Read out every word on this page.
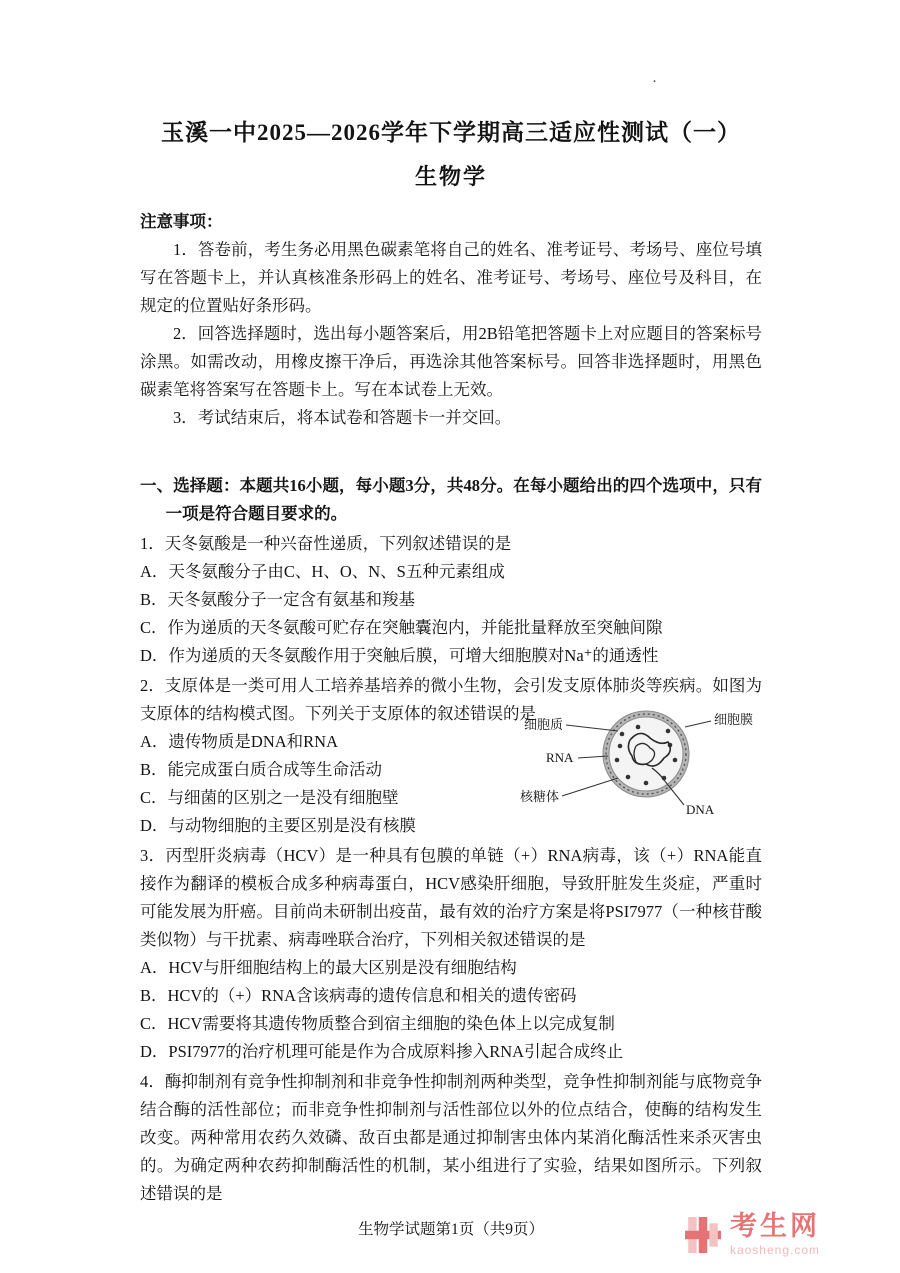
·
玉溪一中2025—2026学年下学期高三适应性测试（一）
生物学
注意事项：
1．答卷前，考生务必用黑色碳素笔将自己的姓名、准考证号、考场号、座位号填写在答题卡上，并认真核准条形码上的姓名、准考证号、考场号、座位号及科目，在规定的位置贴好条形码。
2．回答选择题时，选出每小题答案后，用2B铅笔把答题卡上对应题目的答案标号涂黑。如需改动，用橡皮擦干净后，再选涂其他答案标号。回答非选择题时，用黑色碳素笔将答案写在答题卡上。写在本试卷上无效。
3．考试结束后，将本试卷和答题卡一并交回。
一、选择题：本题共16小题，每小题3分，共48分。在每小题给出的四个选项中，只有一项是符合题目要求的。

1．天冬氨酸是一种兴奋性递质，下列叙述错误的是

A．天冬氨酸分子由C、H、O、N、S五种元素组成
B．天冬氨酸分子一定含有氨基和羧基
C．作为递质的天冬氨酸可贮存在突触囊泡内，并能批量释放至突触间隙
D．作为递质的天冬氨酸作用于突触后膜，可增大细胞膜对Na⁺的通透性

2．支原体是一类可用人工培养基培养的微小生物，会引发支原体肺炎等疾病。如图为支原体的结构模式图。下列关于支原体的叙述错误的是

A．遗传物质是DNA和RNA
B．能完成蛋白质合成等生命活动
C．与细菌的区别之一是没有细胞壁
D．与动物细胞的主要区别是没有核膜
细胞质	细胞膜
RNA
核糖体
DNA

3．丙型肝炎病毒（HCV）是一种具有包膜的单链（+）RNA病毒，该（+）RNA能直接作为翻译的模板合成多种病毒蛋白，HCV感染肝细胞，导致肝脏发生炎症，严重时可能发展为肝癌。目前尚未研制出疫苗，最有效的治疗方案是将PSI7977（一种核苷酸类似物）与干扰素、病毒唑联合治疗，下列相关叙述错误的是

A．HCV与肝细胞结构上的最大区别是没有细胞结构
B．HCV的（+）RNA含该病毒的遗传信息和相关的遗传密码
C．HCV需要将其遗传物质整合到宿主细胞的染色体上以完成复制
D．PSI7977的治疗机理可能是作为合成原料掺入RNA引起合成终止

4．酶抑制剂有竞争性抑制剂和非竞争性抑制剂两种类型，竞争性抑制剂能与底物竞争结合酶的活性部位；而非竞争性抑制剂与活性部位以外的位点结合，使酶的结构发生改变。两种常用农药久效磷、敌百虫都是通过抑制害虫体内某消化酶活性来杀灭害虫的。为确定两种农药抑制酶活性的机制，某小组进行了实验，结果如图所示。下列叙述错误的是

生物学试题第1页（共9页）	考生网
kaosheng.com
